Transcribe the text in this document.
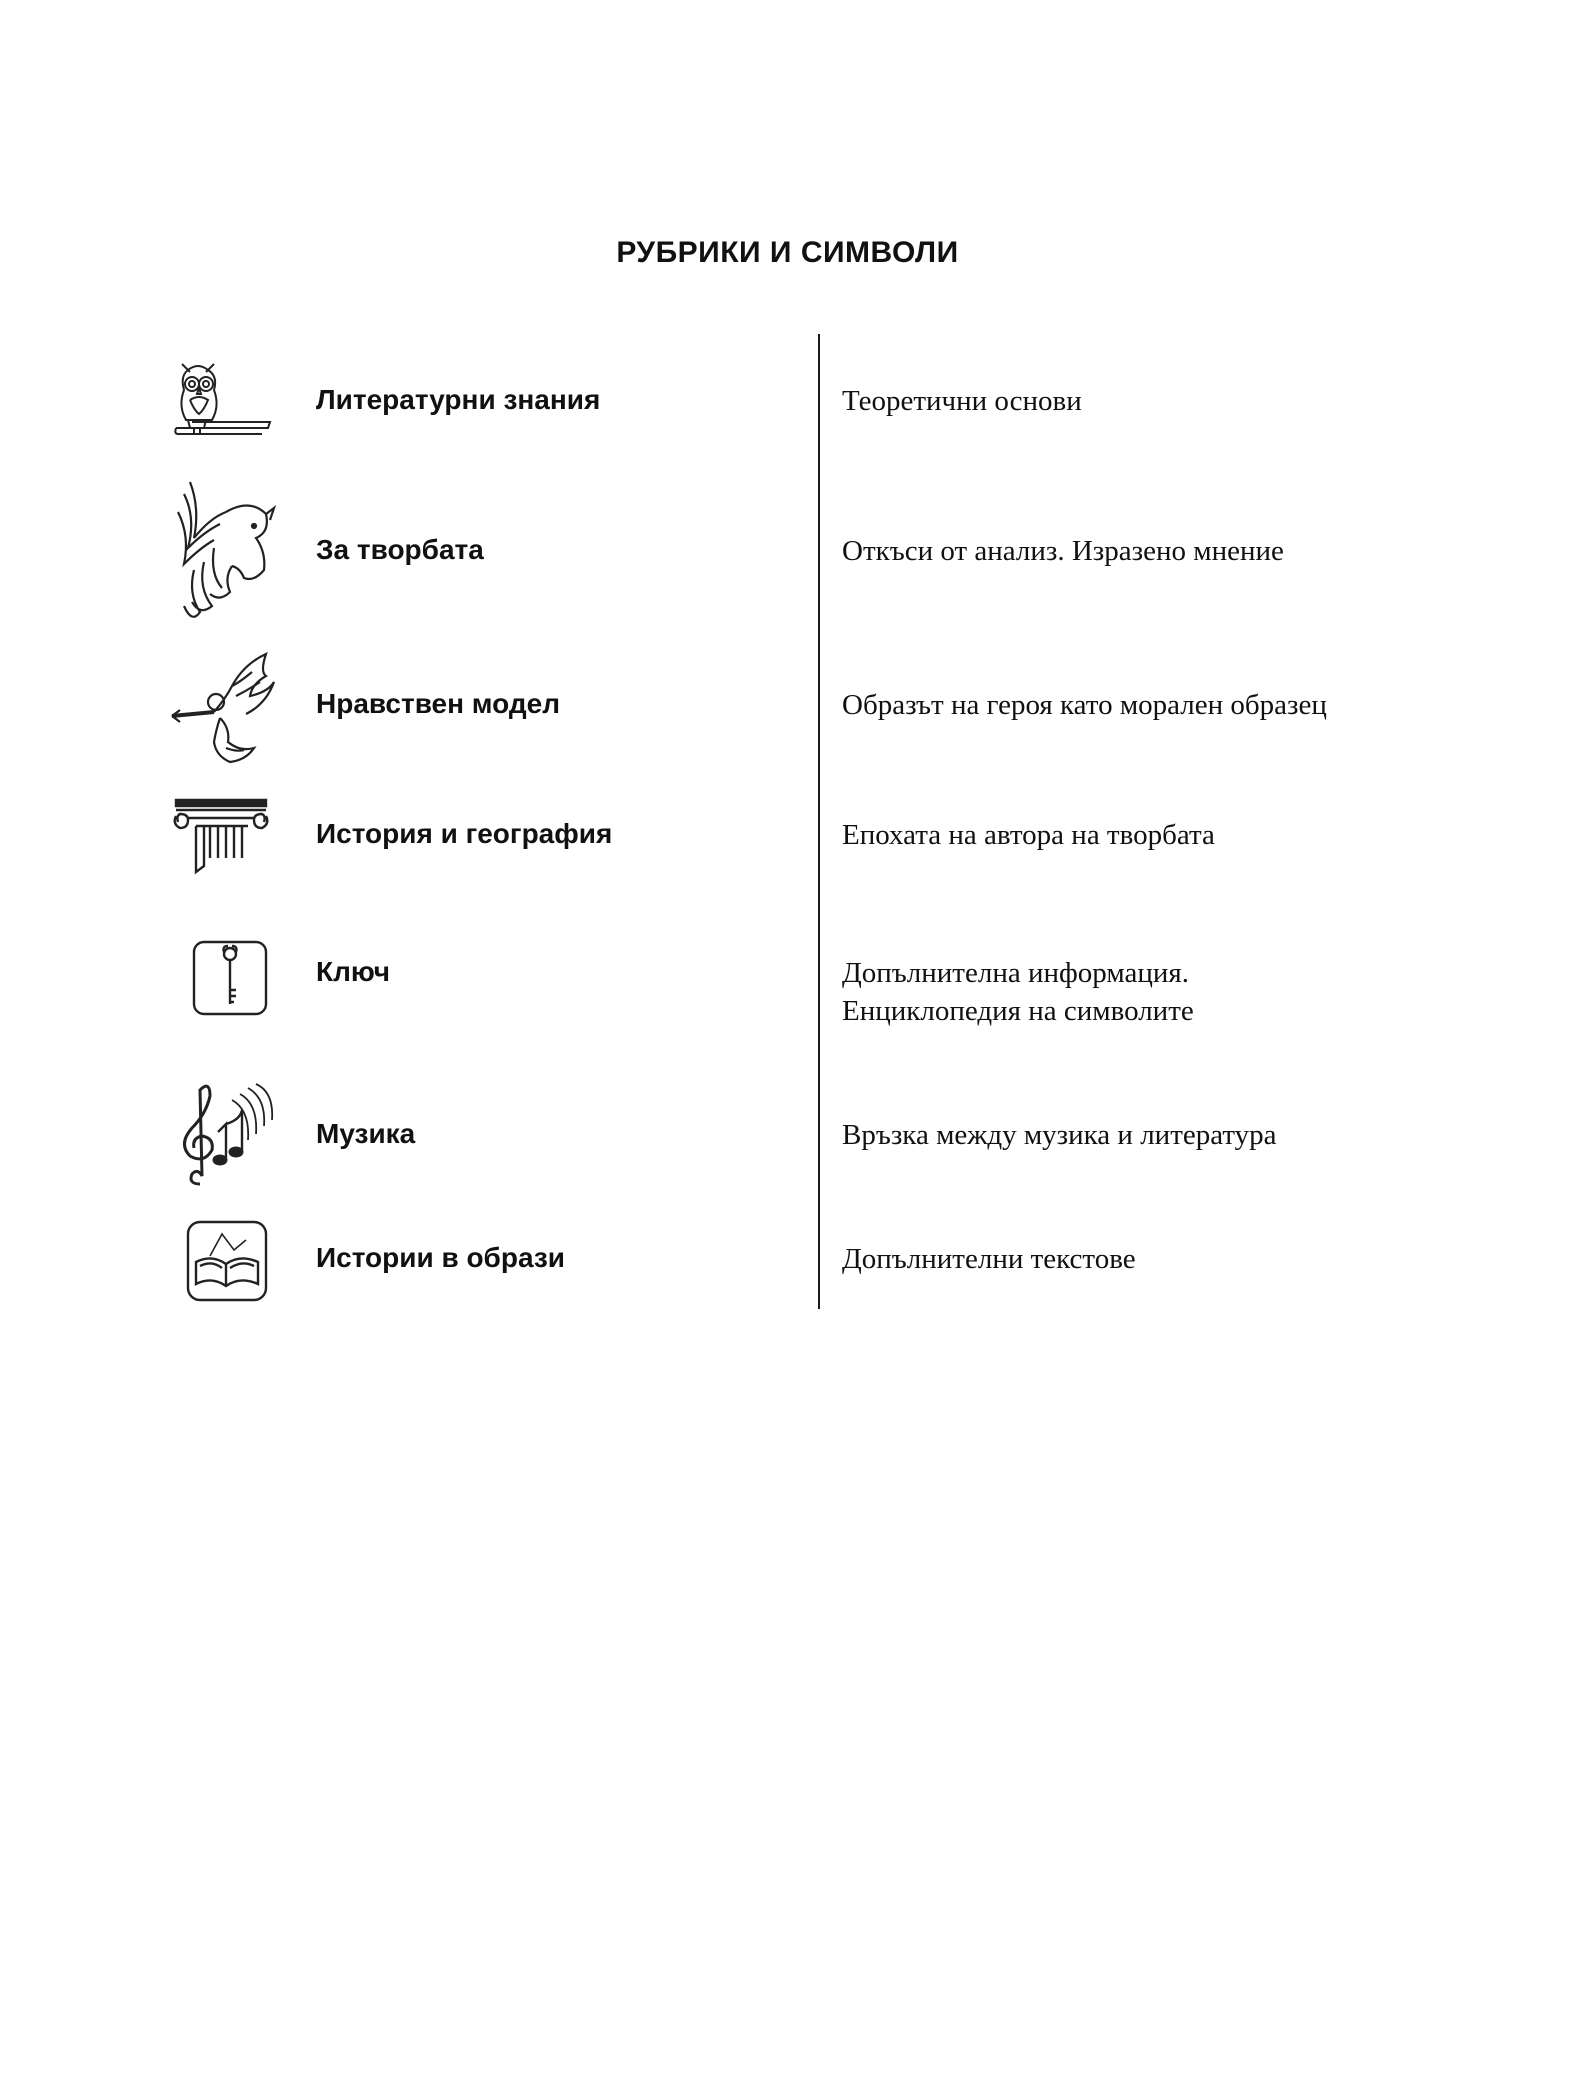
РУБРИКИ И СИМВОЛИ
Литературни знания	Теоретични основи
За творбата	Откъси от анализ. Изразено мнение
Нравствен модел	Образът на героя като морален образец
История и география	Епохата на автора на творбата
Ключ	Допълнителна информация.
Енциклопедия на символите
Музика	Връзка между музика и литература
Истории в образи	Допълнителни текстове
